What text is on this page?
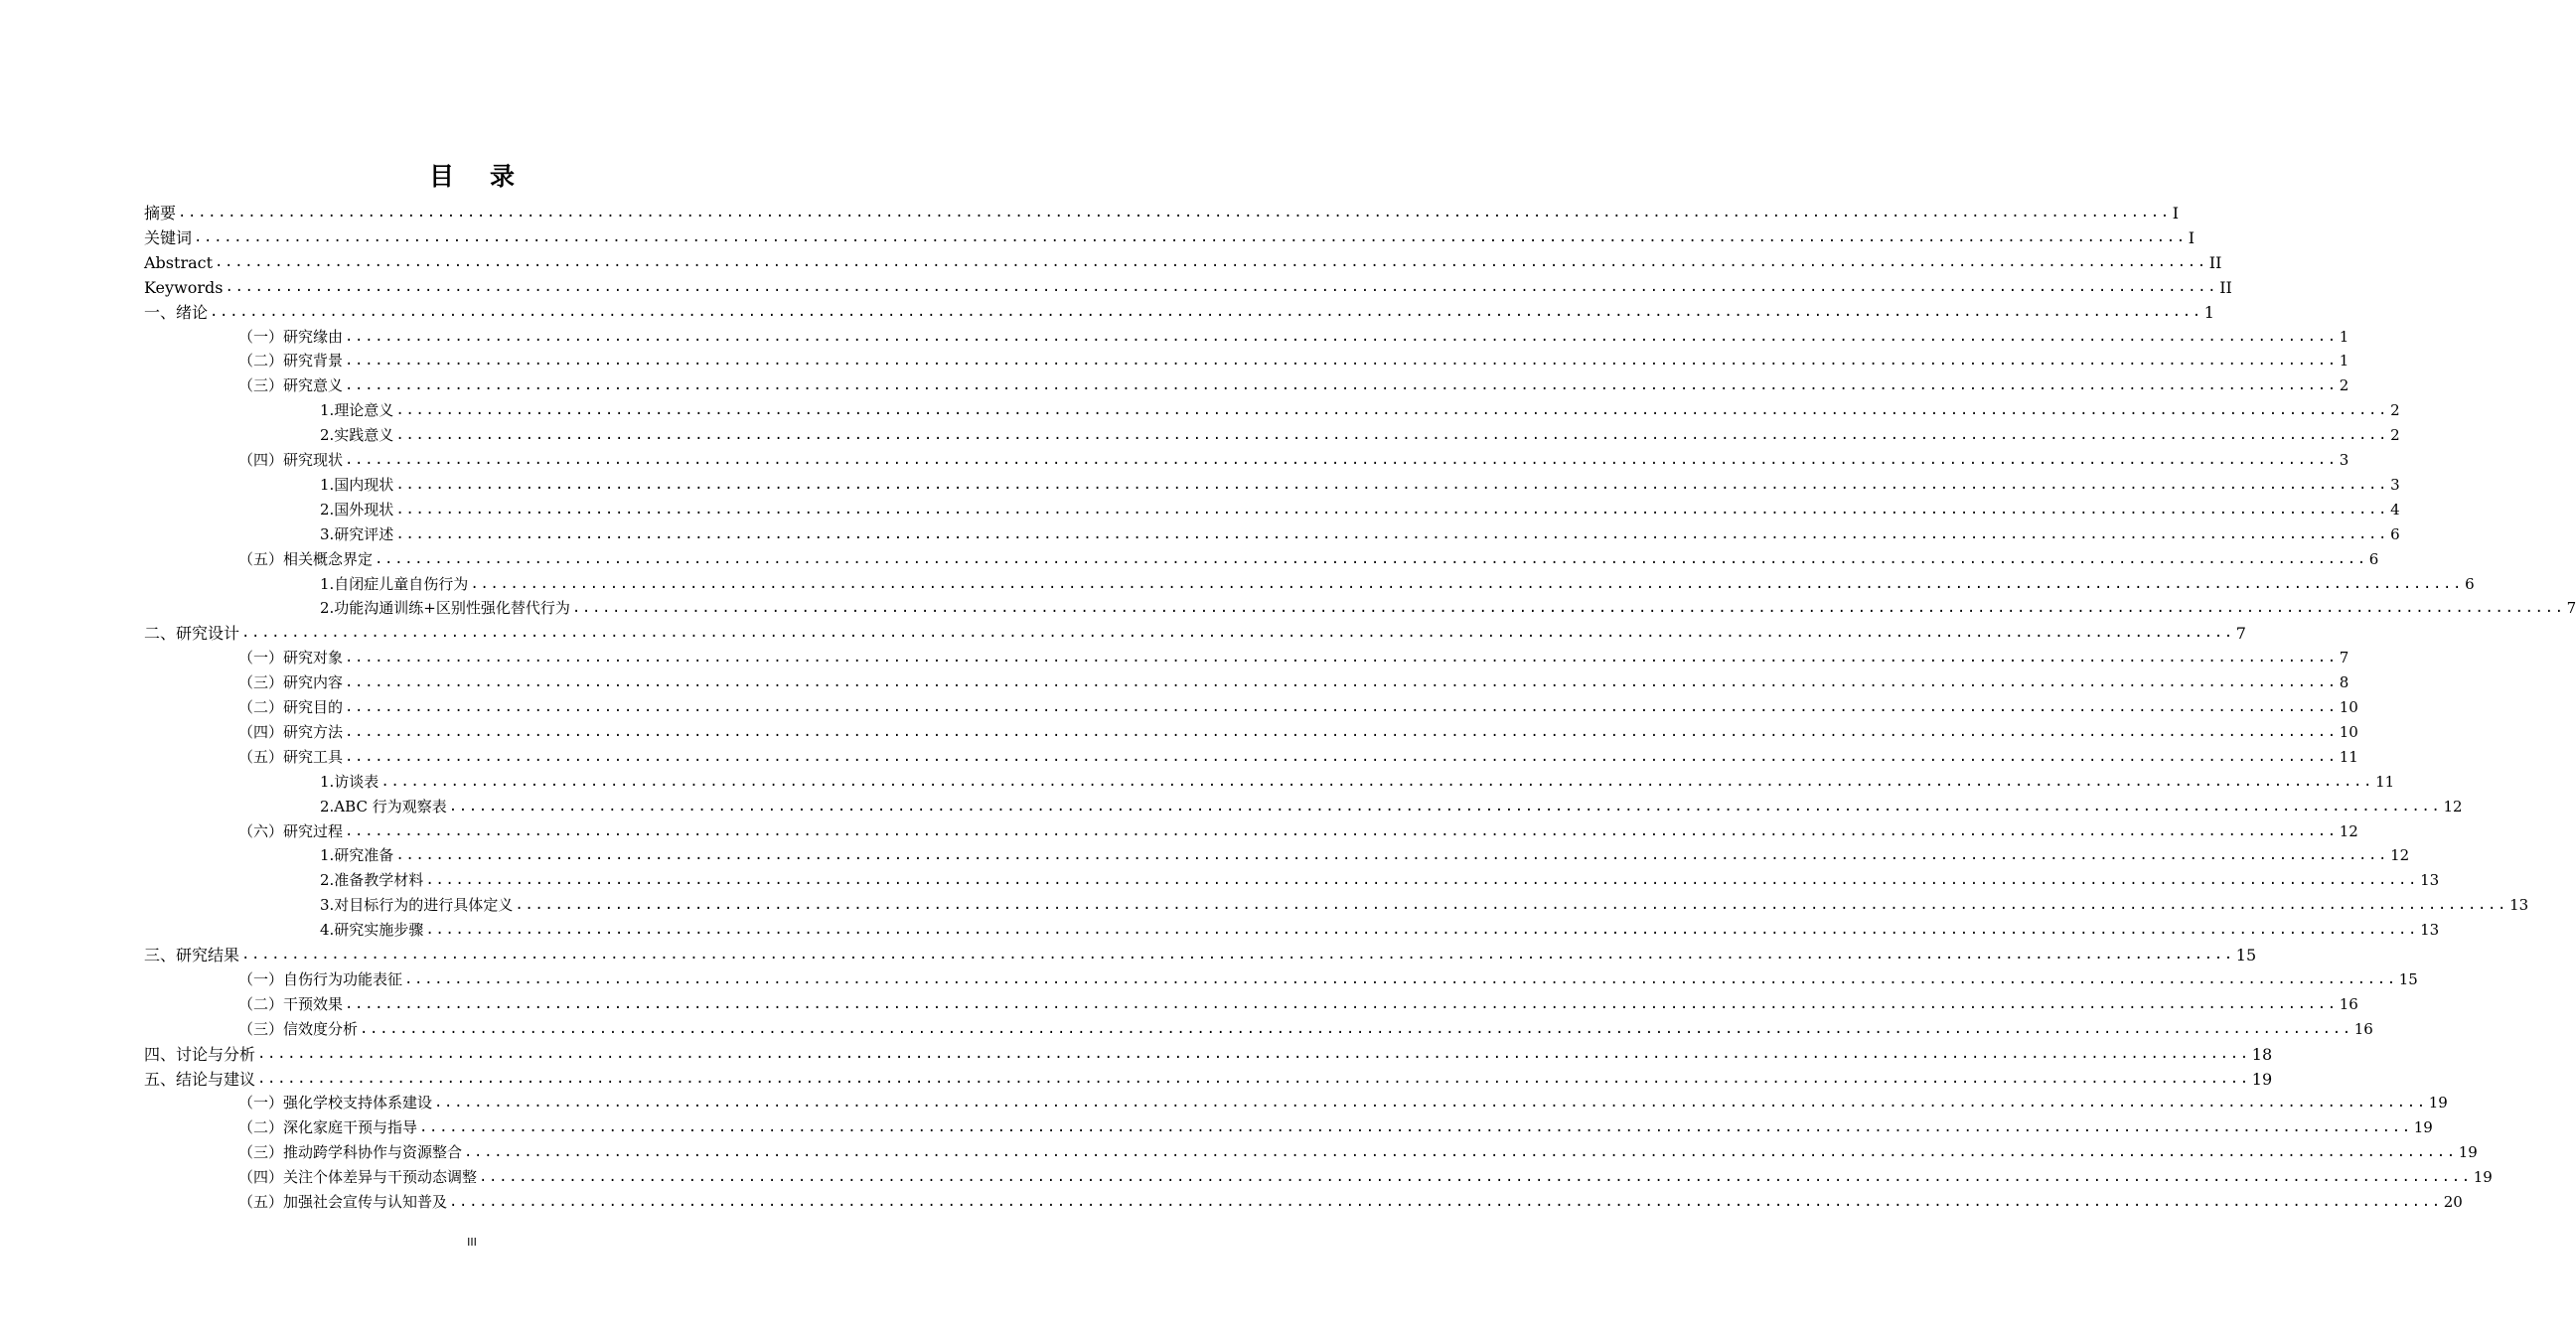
目录
摘要 ........................................................................................................................................................................................................ I
关键词 ........................................................................................................................................................................................................ I
Abstract ........................................................................................................................................................................................................ II
Keywords ........................................................................................................................................................................................................ II
一、绪论 ........................................................................................................................................................................................................ 1
（一）研究缘由 ........................................................................................................................................................................................................ 1
（二）研究背景 ........................................................................................................................................................................................................ 1
（三）研究意义 ........................................................................................................................................................................................................ 2
1.理论意义 ........................................................................................................................................................................................................ 2
2.实践意义 ........................................................................................................................................................................................................ 2
（四）研究现状 ........................................................................................................................................................................................................ 3
1.国内现状 ........................................................................................................................................................................................................ 3
2.国外现状 ........................................................................................................................................................................................................ 4
3.研究评述 ........................................................................................................................................................................................................ 6
（五）相关概念界定 ........................................................................................................................................................................................................ 6
1.自闭症儿童自伤行为 ........................................................................................................................................................................................................ 6
2.功能沟通训练+区别性强化替代行为 ........................................................................................................................................................................................................ 7
二、研究设计 ........................................................................................................................................................................................................ 7
（一）研究对象 ........................................................................................................................................................................................................ 7
（三）研究内容 ........................................................................................................................................................................................................ 8
（二）研究目的 ........................................................................................................................................................................................................ 10
（四）研究方法 ........................................................................................................................................................................................................ 10
（五）研究工具 ........................................................................................................................................................................................................ 11
1.访谈表 ........................................................................................................................................................................................................ 11
2.ABC 行为观察表 ........................................................................................................................................................................................................ 12
（六）研究过程 ........................................................................................................................................................................................................ 12
1.研究准备 ........................................................................................................................................................................................................ 12
2.准备教学材料 ........................................................................................................................................................................................................ 13
3.对目标行为的进行具体定义 ........................................................................................................................................................................................................ 13
4.研究实施步骤 ........................................................................................................................................................................................................ 13
三、研究结果 ........................................................................................................................................................................................................ 15
（一）自伤行为功能表征 ........................................................................................................................................................................................................ 15
（二）干预效果 ........................................................................................................................................................................................................ 16
（三）信效度分析 ........................................................................................................................................................................................................ 16
四、讨论与分析 ........................................................................................................................................................................................................ 18
五、结论与建议 ........................................................................................................................................................................................................ 19
（一）强化学校支持体系建设 ........................................................................................................................................................................................................ 19
（二）深化家庭干预与指导 ........................................................................................................................................................................................................ 19
（三）推动跨学科协作与资源整合 ........................................................................................................................................................................................................ 19
（四）关注个体差异与干预动态调整 ........................................................................................................................................................................................................ 19
（五）加强社会宣传与认知普及 ........................................................................................................................................................................................................ 20
III
